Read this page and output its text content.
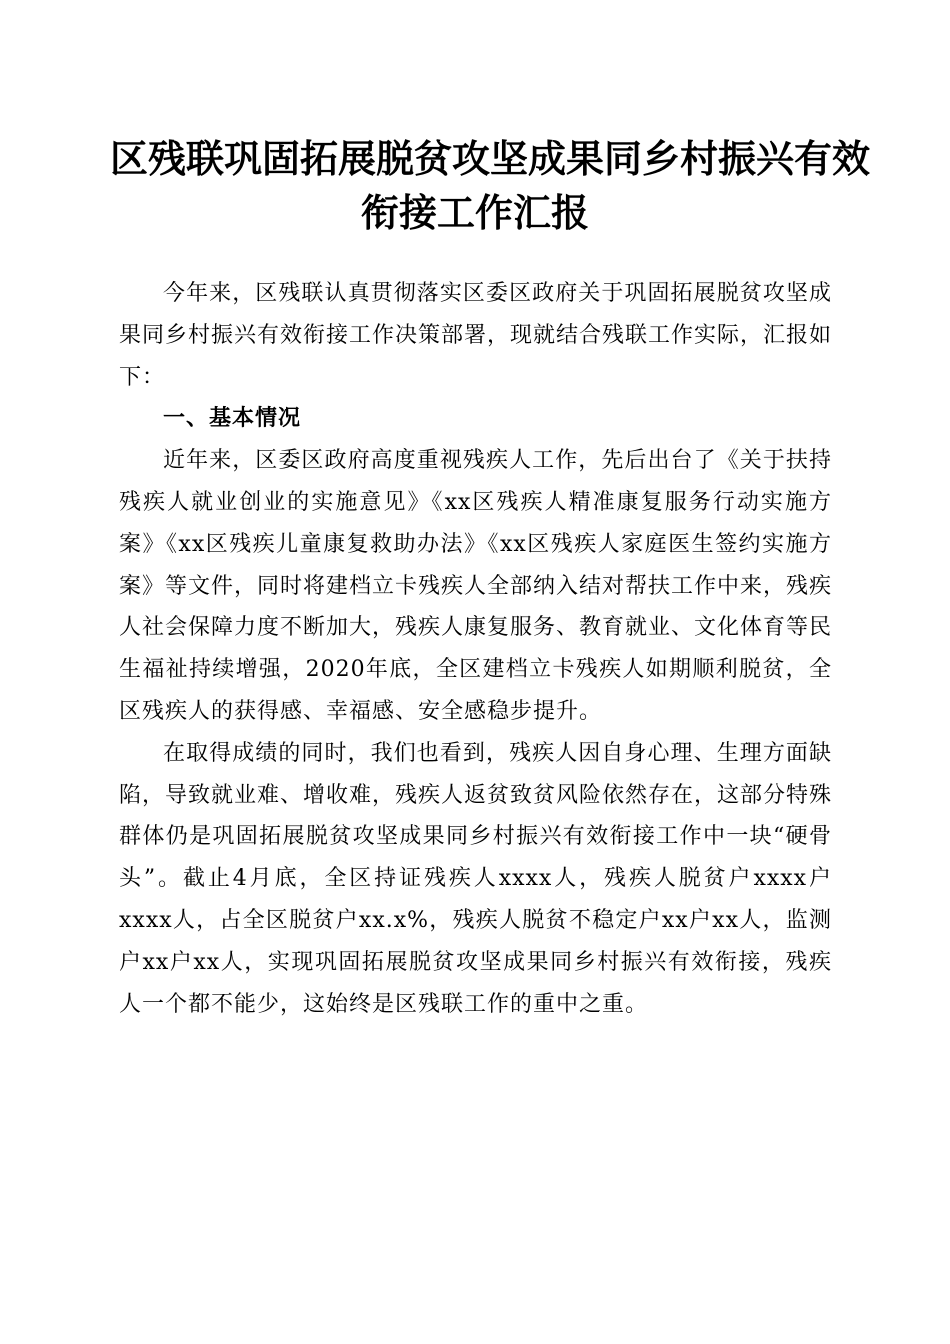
区残联巩固拓展脱贫攻坚成果同乡村振兴有效
衔接工作汇报

今年来，区残联认真贯彻落实区委区政府关于巩固拓展脱贫攻坚成果同乡村振兴有效衔接工作决策部署，现就结合残联工作实际，汇报如下：

一、基本情况

近年来，区委区政府高度重视残疾人工作，先后出台了《关于扶持残疾人就业创业的实施意见》《xx区残疾人精准康复服务行动实施方案》《xx区残疾儿童康复救助办法》《xx区残疾人家庭医生签约实施方案》等文件，同时将建档立卡残疾人全部纳入结对帮扶工作中来，残疾人社会保障力度不断加大，残疾人康复服务、教育就业、文化体育等民生福祉持续增强，2020年底，全区建档立卡残疾人如期顺利脱贫，全区残疾人的获得感、幸福感、安全感稳步提升。

在取得成绩的同时，我们也看到，残疾人因自身心理、生理方面缺陷，导致就业难、增收难，残疾人返贫致贫风险依然存在，这部分特殊群体仍是巩固拓展脱贫攻坚成果同乡村振兴有效衔接工作中一块“硬骨头”。截止4月底，全区持证残疾人xxxx人，残疾人脱贫户xxxx户xxxx人，占全区脱贫户xx.x%，残疾人脱贫不稳定户xx户xx人，监测户xx户xx人，实现巩固拓展脱贫攻坚成果同乡村振兴有效衔接，残疾人一个都不能少，这始终是区残联工作的重中之重。
